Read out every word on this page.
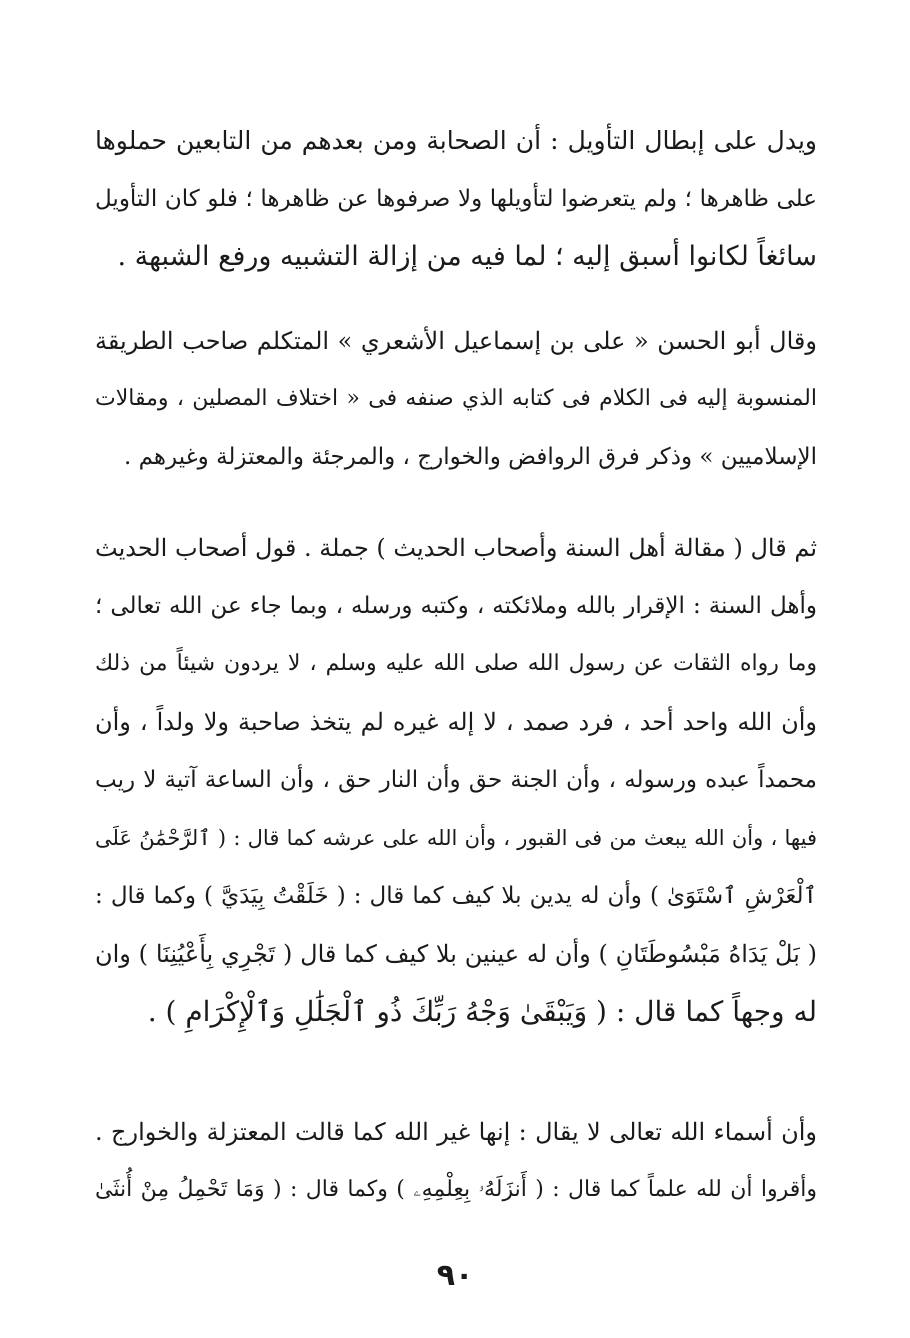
ويدل على إبطال التأويل : أن الصحابة ومن بعدهم من التابعين حملوها
على ظاهرها ؛ ولم يتعرضوا لتأويلها ولا صرفوها عن ظاهرها ؛ فلو كان التأويل
سائغاً لكانوا أسبق إليه ؛ لما فيه من إزالة التشبيه ورفع الشبهة .
وقال أبو الحسن « على بن إسماعيل الأشعري » المتكلم صاحب الطريقة
المنسوبة إليه فى الكلام فى كتابه الذي صنفه فى « اختلاف المصلين ، ومقالات
الإسلاميين » وذكر فرق الروافض والخوارج ، والمرجئة والمعتزلة وغيرهم .
ثم قال ( مقالة أهل السنة وأصحاب الحديث ) جملة . قول أصحاب الحديث
وأهل السنة : الإقرار بالله وملائكته ، وكتبه ورسله ، وبما جاء عن الله تعالى ؛
وما رواه الثقات عن رسول الله صلى الله عليه وسلم ، لا يردون شيئاً من ذلك
وأن الله واحد أحد ، فرد صمد ، لا إله غيره لم يتخذ صاحبة ولا ولداً ، وأن
محمداً عبده ورسوله ، وأن الجنة حق وأن النار حق ، وأن الساعة آتية لا ريب
فيها ، وأن الله يبعث من فى القبور ، وأن الله على عرشه كما قال : ( ٱلرَّحْمَٰنُ عَلَى
ٱلْعَرْشِ ٱسْتَوَىٰ ) وأن له يدين بلا كيف كما قال : ( خَلَقْتُ بِيَدَيَّ ) وكما قال :
( بَلْ يَدَاهُ مَبْسُوطَتَانِ ) وأن له عينين بلا كيف كما قال ( تَجْرِي بِأَعْيُنِنَا ) وان
له وجهاً كما قال : ( وَيَبْقَىٰ وَجْهُ رَبِّكَ ذُو ٱلْجَلَٰلِ وَٱلْإِكْرَامِ ) .
وأن أسماء الله تعالى لا يقال : إنها غير الله كما قالت المعتزلة والخوارج .
وأقروا أن لله علماً كما قال : ( أَنزَلَهُۥ بِعِلْمِهِۦ ) وكما قال : ( وَمَا تَحْمِلُ مِنْ أُنثَىٰ
٩٠
